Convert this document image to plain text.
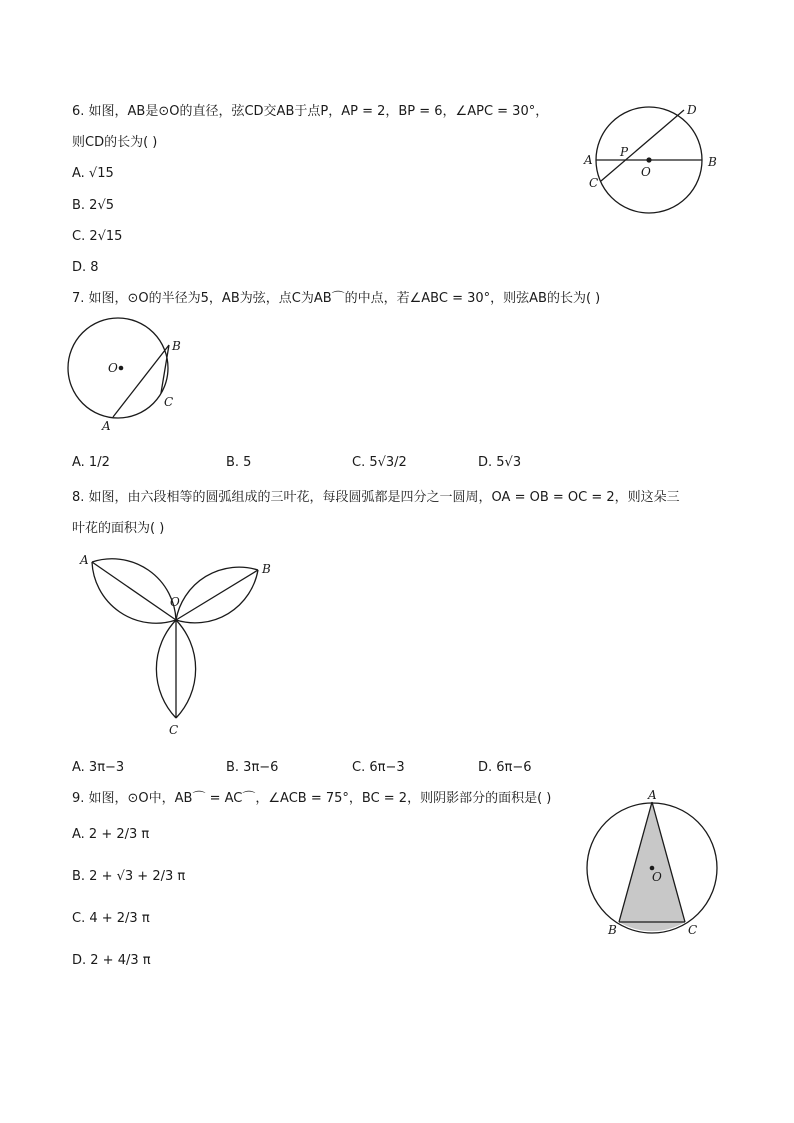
6. 如图，AB是⊙O的直径，弦CD交AB于点P，AP = 2，BP = 6，∠APC = 30°，
则CD的长为( )
A. √15
B. 2√5
C. 2√15
D. 8
A	B
C
D
P
O
7. 如图，⊙O的半径为5，AB为弦，点C为AB⌒的中点，若∠ABC = 30°，则弦AB的长为( )
O
B
C
A
A. 1/2	B. 5	C. 5√3/2	D. 5√3
8. 如图，由六段相等的圆弧组成的三叶花，每段圆弧都是四分之一圆周，OA = OB = OC = 2，则这朵三
叶花的面积为( )
A
B
O
C
A. 3π−3	B. 3π−6	C. 6π−3	D. 6π−6
9. 如图，⊙O中，AB⌒ = AC⌒，∠ACB = 75°，BC = 2，则阴影部分的面积是( )
A. 2 + 2/3 π
B. 2 + √3 + 2/3 π
C. 4 + 2/3 π
D. 2 + 4/3 π
A
O
B	C
